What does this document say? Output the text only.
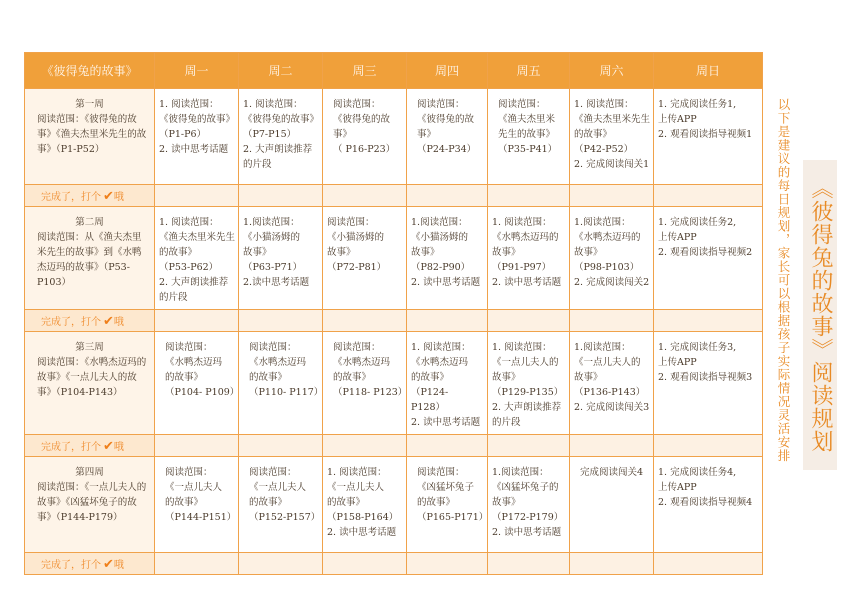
《彼得兔的故事》	周一	周二	周三	周四	周五	周六	周日

第一周
阅读范围：《彼得兔的故事》《渔夫杰里米先生的故事》（P1-P52）	1. 阅读范围：
《彼得兔的故事》
（P1-P6）
2. 读中思考话题	1. 阅读范围：
《彼得兔的故事》
（P7-P15）
2. 大声朗读推荐的片段	阅读范围：
《彼得兔的故
事》
（ P16-P23）	阅读范围：
《彼得兔的故
事》
（P24-P34）	阅读范围：
《渔夫杰里米
先生的故事》
（P35-P41）	1. 阅读范围：
《渔夫杰里米先生的故事》
（P42-P52）
2. 完成阅读闯关1	1. 完成阅读任务1,
上传APP
2. 观看阅读指导视频1
完成了，打个 ✔哦							

第二周
阅读范围：从《渔夫杰里米先生的故事》到《水鸭杰迈玛的故事》（P53-P103）	1. 阅读范围：
《渔夫杰里米先生的故事》
（P53-P62）
2. 大声朗读推荐的片段	1.阅读范围：
《小猫汤姆的
故事》
（P63-P71）
2.读中思考话题	阅读范围：
《小猫汤姆的
故事》
（P72-P81）	1.阅读范围：
《小猫汤姆的
故事》
（P82-P90）
2. 读中思考话题	1. 阅读范围：
《水鸭杰迈玛的
故事》
（P91-P97）
2. 读中思考话题	1.阅读范围：
《水鸭杰迈玛的
故事》
（P98-P103）
2. 完成阅读闯关2	1. 完成阅读任务2,
上传APP
2. 观看阅读指导视频2
完成了，打个 ✔哦							

第三周
阅读范围：《水鸭杰迈玛的故事》《一点儿夫人的故事》（P104-P143）	阅读范围：
《水鸭杰迈玛
的故事》
（P104- P109）	阅读范围：
《水鸭杰迈玛
的故事》
（P110- P117）	阅读范围：
《水鸭杰迈玛
的故事》
（P118- P123）	1. 阅读范围：
《水鸭杰迈玛
的故事》
（P124- P128）
2. 读中思考话题	1. 阅读范围：
《一点儿夫人的
故事》
（P129-P135）
2. 大声朗读推荐的片段	1.阅读范围：
《一点儿夫人的
故事》
（P136-P143）
2. 完成阅读闯关3	1. 完成阅读任务3,
上传APP
2. 观看阅读指导视频3
完成了，打个 ✔哦							

第四周
阅读范围：《一点儿夫人的故事》《凶猛坏兔子的故事》（P144-P179）	阅读范围：
《一点儿夫人
的故事》
（P144-P151）	阅读范围：
《一点儿夫人
的故事》
（P152-P157）	1. 阅读范围：
《一点儿夫人
的故事》
（P158-P164）
2. 读中思考话题	阅读范围：
《凶猛坏兔子
的故事》
（P165-P171）	1.阅读范围：
《凶猛坏兔子的
故事》
（P172-P179）
2. 读中思考话题	完成阅读闯关4	1. 完成阅读任务4,
上传APP
2. 观看阅读指导视频4
完成了，打个 ✔哦							
以下是建议的每日规划，家长可以根据孩子实际情况灵活安排 《彼得兔的故事》阅读规划
